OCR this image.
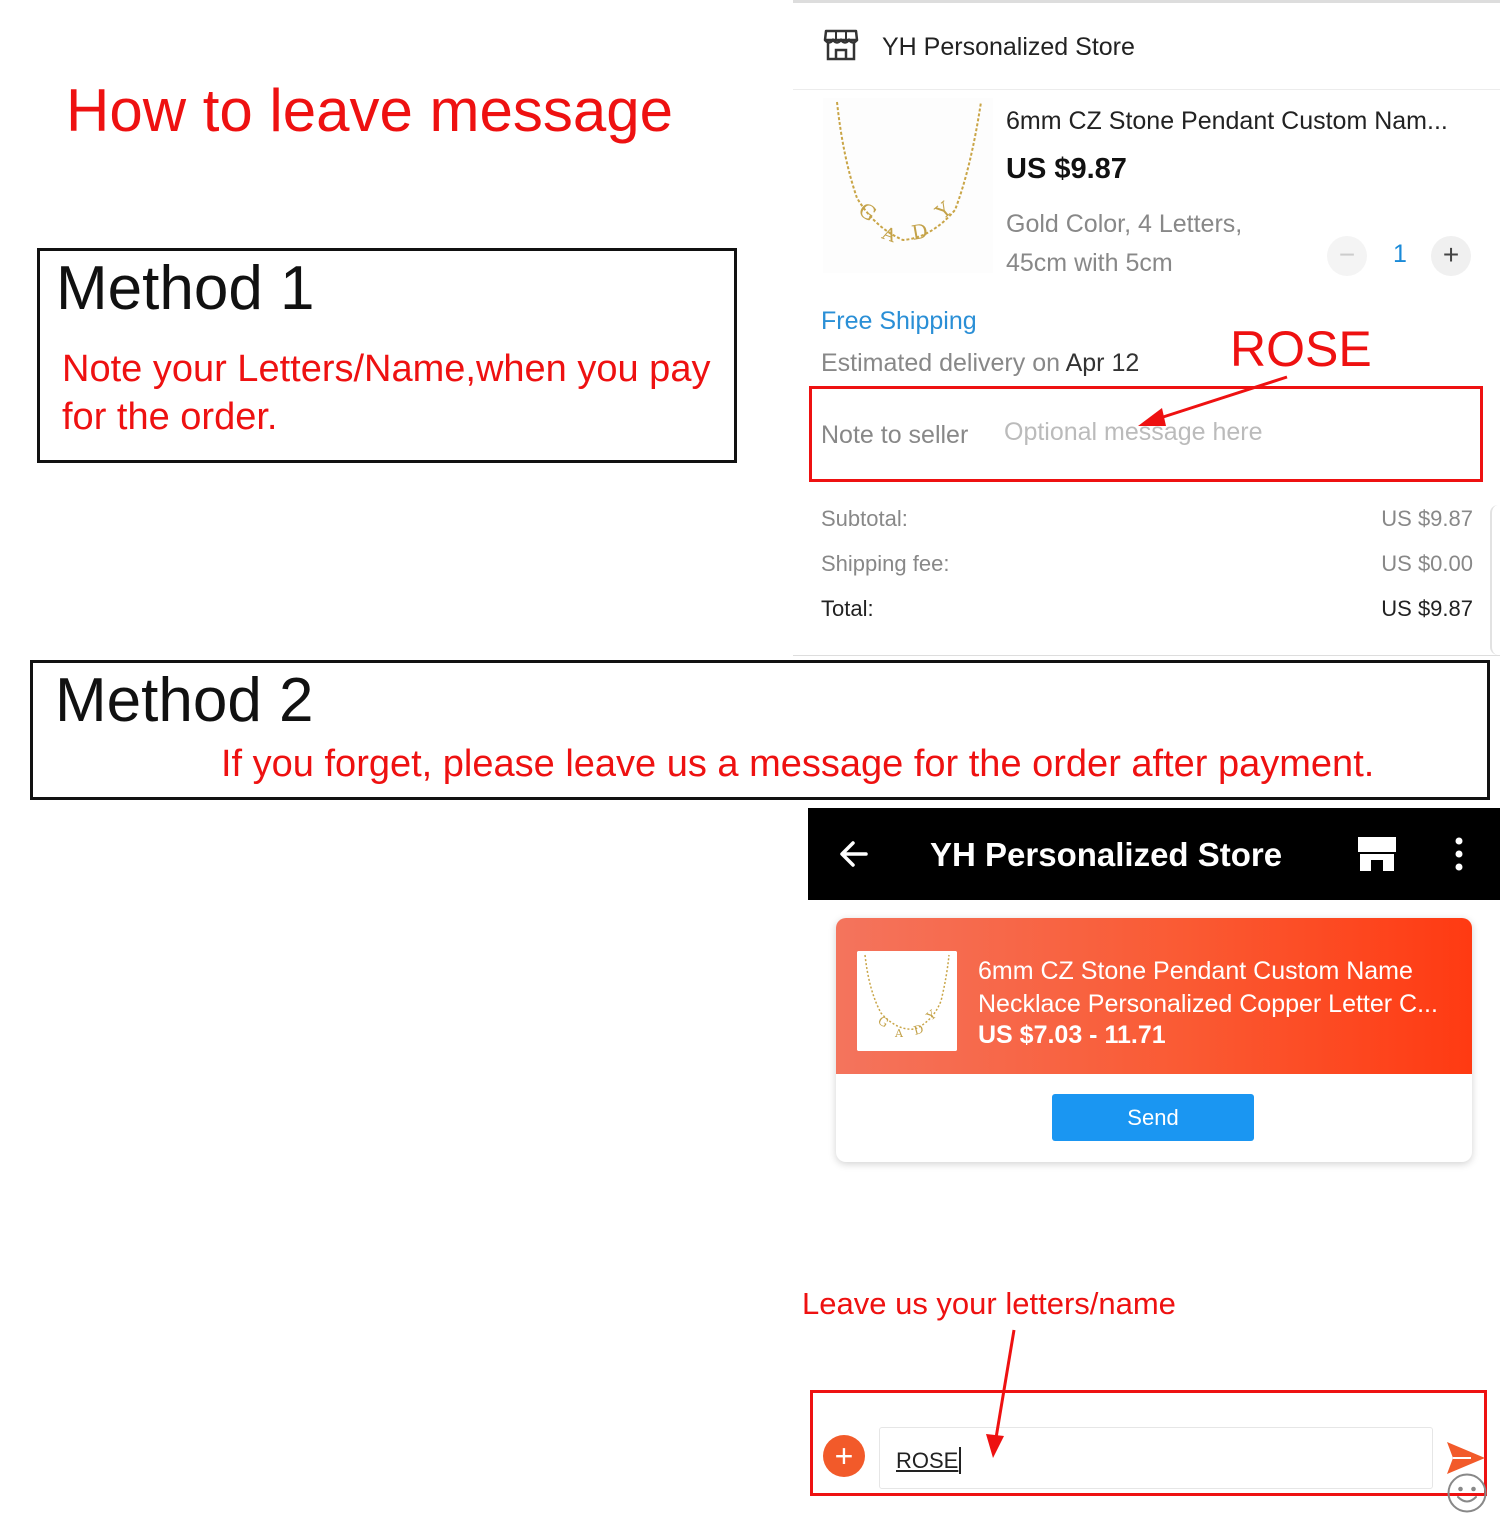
How to leave message
Method 1
Note your Letters/Name,when you pay for the order.
YH Personalized Store
G
A D
Y
6mm CZ Stone Pendant Custom Nam...
US $9.87
Gold Color, 4 Letters, 45cm with 5cm	−	1	+
Free Shipping
Estimated delivery on Apr 12
Note to seller
Optional message here
Subtotal:	US $9.87
Shipping fee:	US $0.00
Total:	US $9.87
ROSE
Method 2
If you forget, please leave us a message for the order after payment.
YH Personalized Store
G
A D
Y
6mm CZ Stone Pendant Custom Name
Necklace Personalized Copper Letter C...
US $7.03 - 11.71
Send
Leave us your letters/name
+	ROSE
